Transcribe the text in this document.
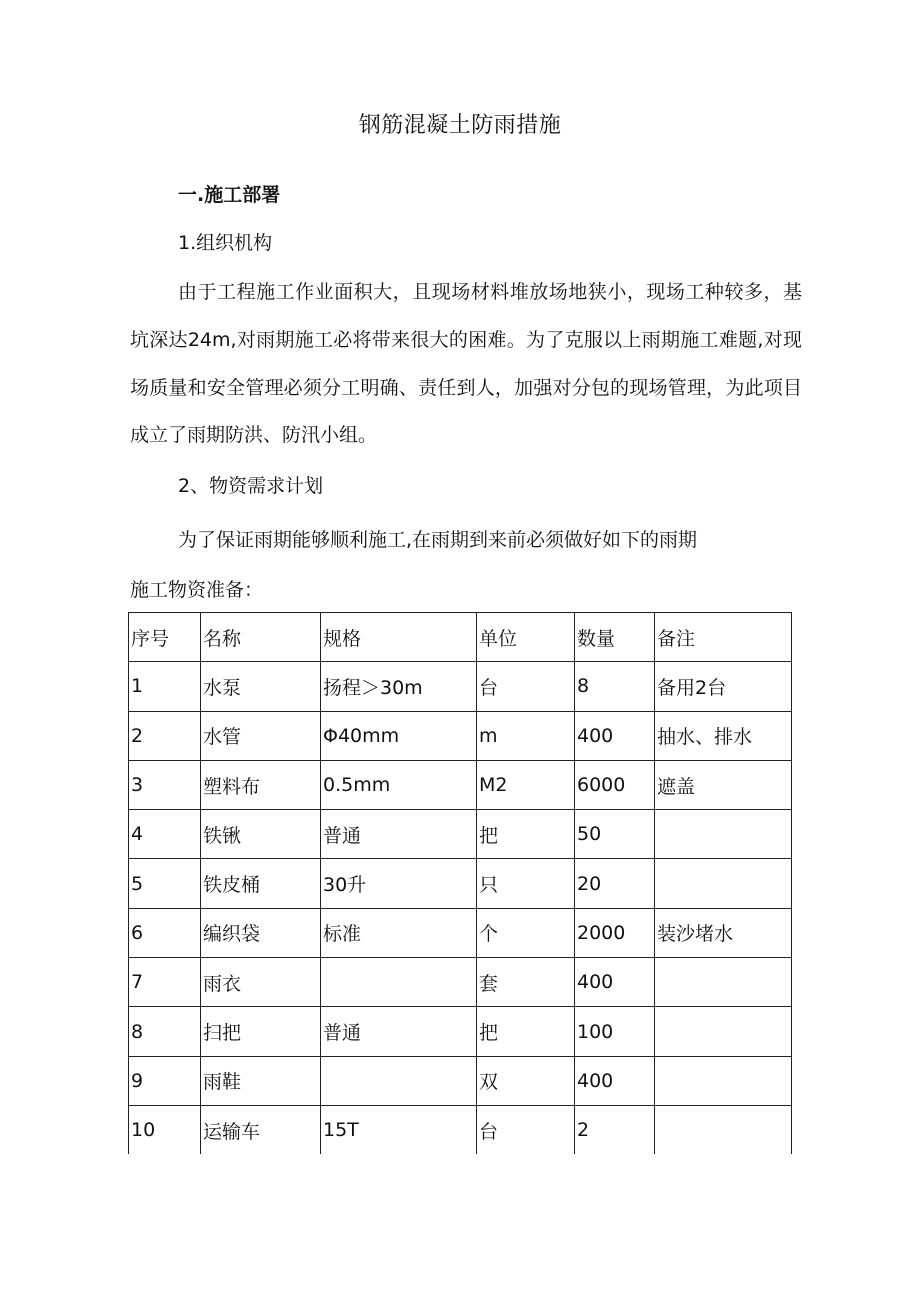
钢筋混凝土防雨措施
一.施工部署
1.组织机构
由于工程施工作业面积大，且现场材料堆放场地狭小，现场工种较多，基坑深达24m,对雨期施工必将带来很大的困难。为了克服以上雨期施工难题,对现场质量和安全管理必须分工明确、责任到人，加强对分包的现场管理，为此项目成立了雨期防洪、防汛小组。
2、物资需求计划
为了保证雨期能够顺利施工,在雨期到来前必须做好如下的雨期
施工物资准备：
序号	名称	规格	单位	数量	备注
1	水泵	扬程＞30m	台	8	备用2台
2	水管	Φ40mm	m	400	抽水、排水
3	塑料布	0.5mm	M2	6000	遮盖
4	铁锹	普通	把	50	
5	铁皮桶	30升	只	20	
6	编织袋	标准	个	2000	装沙堵水
7	雨衣		套	400	
8	扫把	普通	把	100	
9	雨鞋		双	400	
10	运输车	15T	台	2	
